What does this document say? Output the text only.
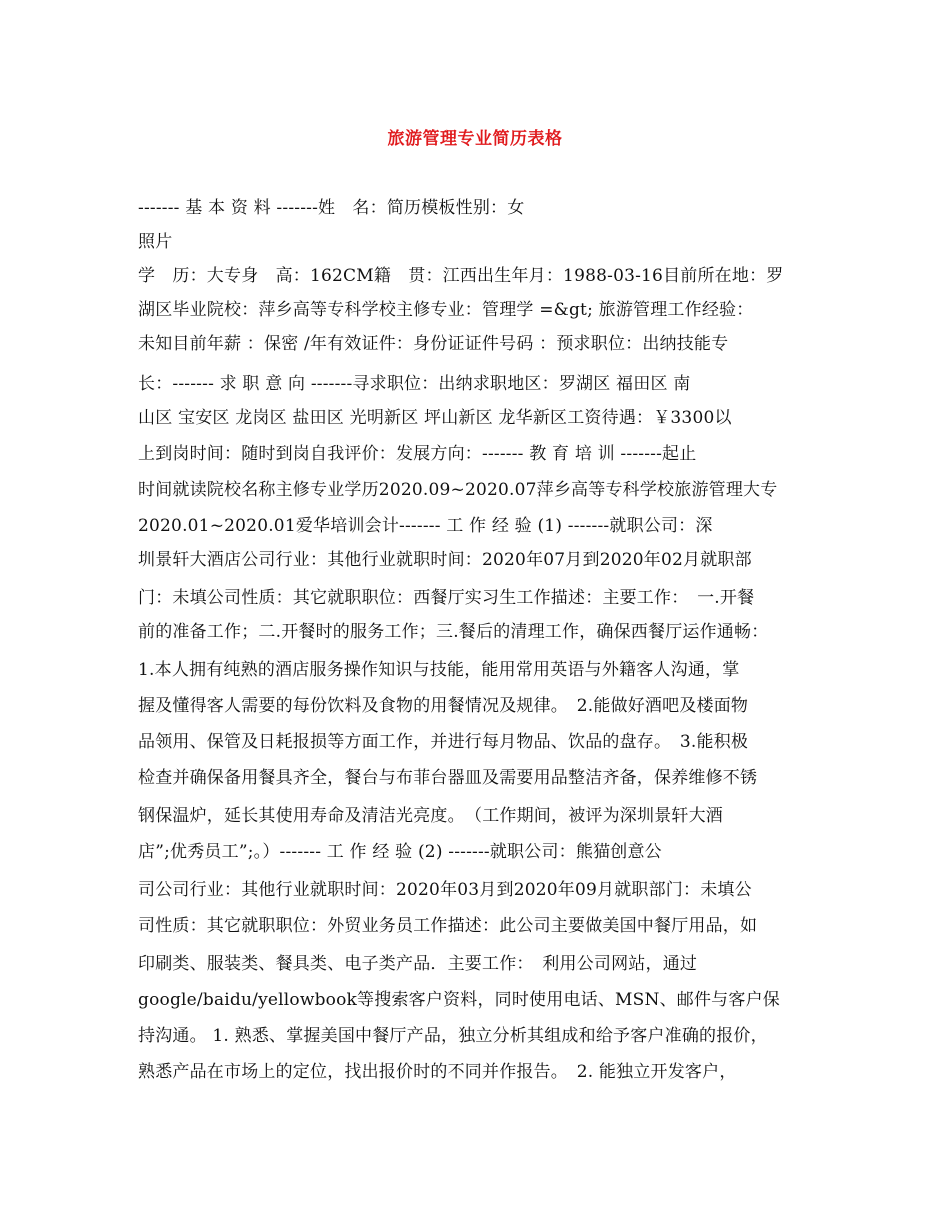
旅游管理专业简历表格
------- 基 本 资 料 -------姓　名：简历模板性别：女
照片
学　历：大专身　高：162CM籍　贯：江西出生年月：1988-03-16目前所在地：罗
湖区毕业院校：萍乡高等专科学校主修专业：管理学 =&gt; 旅游管理工作经验：
未知目前年薪 ：保密 /年有效证件：身份证证件号码 ：预求职位：出纳技能专
长：------- 求 职 意 向 -------寻求职位：出纳求职地区：罗湖区 福田区 南
山区 宝安区 龙岗区 盐田区 光明新区 坪山新区 龙华新区工资待遇：￥3300以
上到岗时间：随时到岗自我评价：发展方向：------- 教 育 培 训 -------起止
时间就读院校名称主修专业学历2020.09~2020.07萍乡高等专科学校旅游管理大专
2020.01~2020.01爱华培训会计------- 工 作 经 验 (1) -------就职公司：深
圳景轩大酒店公司行业：其他行业就职时间：2020年07月到2020年02月就职部
门：未填公司性质：其它就职职位：西餐厅实习生工作描述：主要工作：　一.开餐
前的准备工作；二.开餐时的服务工作；三.餐后的清理工作，确保西餐厅运作通畅：
1.本人拥有纯熟的酒店服务操作知识与技能，能用常用英语与外籍客人沟通，掌
握及懂得客人需要的每份饮料及食物的用餐情况及规律。　2.能做好酒吧及楼面物
品领用、保管及日耗报损等方面工作，并进行每月物品、饮品的盘存。　3.能积极
检查并确保备用餐具齐全，餐台与布菲台器皿及需要用品整洁齐备，保养维修不锈
钢保温炉，延长其使用寿命及清洁光亮度。　（工作期间，被评为深圳景轩大酒
店”;优秀员工”;。）------- 工 作 经 验 (2) -------就职公司：熊猫创意公
司公司行业：其他行业就职时间：2020年03月到2020年09月就职部门：未填公
司性质：其它就职职位：外贸业务员工作描述：此公司主要做美国中餐厅用品，如
印刷类、服装类、餐具类、电子类产品．主要工作：　利用公司网站，通过
google/baidu/yellowbook等搜索客户资料，同时使用电话、MSN、邮件与客户保
持沟通。 1. 熟悉、掌握美国中餐厅产品，独立分析其组成和给予客户准确的报价，
熟悉产品在市场上的定位，找出报价时的不同并作报告。　2. 能独立开发客户，
